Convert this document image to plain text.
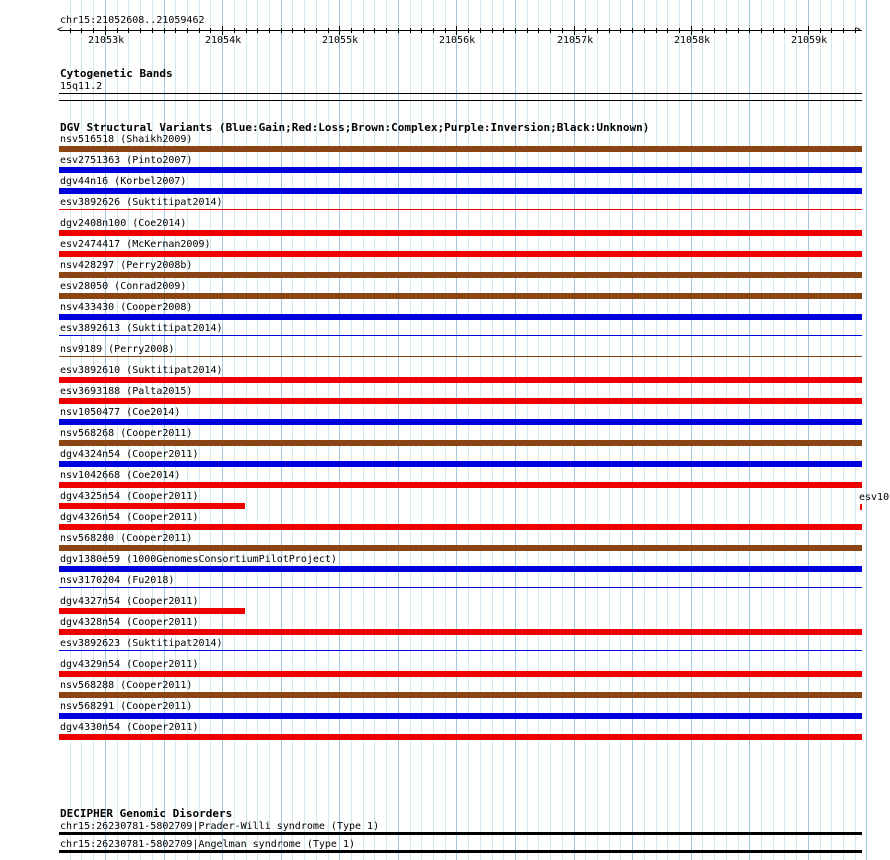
chr15:21052608..21059462
<	>
21053k	21054k	21055k	21056k	21057k	21058k	21059k
Cytogenetic Bands
15q11.2
DGV Structural Variants (Blue:Gain;Red:Loss;Brown:Complex;Purple:Inversion;Black:Unknown)
nsv516518 (Shaikh2009)
esv2751363 (Pinto2007)
dgv44n16 (Korbel2007)
esv3892626 (Suktitipat2014)
dgv2408n100 (Coe2014)
esv2474417 (McKernan2009)
nsv428297 (Perry2008b)
esv28050 (Conrad2009)
nsv433430 (Cooper2008)
esv3892613 (Suktitipat2014)
nsv9189 (Perry2008)
esv3892610 (Suktitipat2014)
esv3693188 (Palta2015)
nsv1050477 (Coe2014)
nsv568268 (Cooper2011)
dgv4324n54 (Cooper2011)
nsv1042668 (Coe2014)
dgv4325n54 (Cooper2011)
dgv4326n54 (Cooper2011)
nsv568280 (Cooper2011)
dgv1380e59 (1000GenomesConsortiumPilotProject)
nsv3170204 (Fu2018)
dgv4327n54 (Cooper2011)
dgv4328n54 (Cooper2011)
esv3892623 (Suktitipat2014)
dgv4329n54 (Cooper2011)
nsv568288 (Cooper2011)
nsv568291 (Cooper2011)
dgv4330n54 (Cooper2011)
esv10
DECIPHER Genomic Disorders
chr15:26230781-5802709|Prader-Willi syndrome (Type 1)
chr15:26230781-5802709|Angelman syndrome (Type 1)
